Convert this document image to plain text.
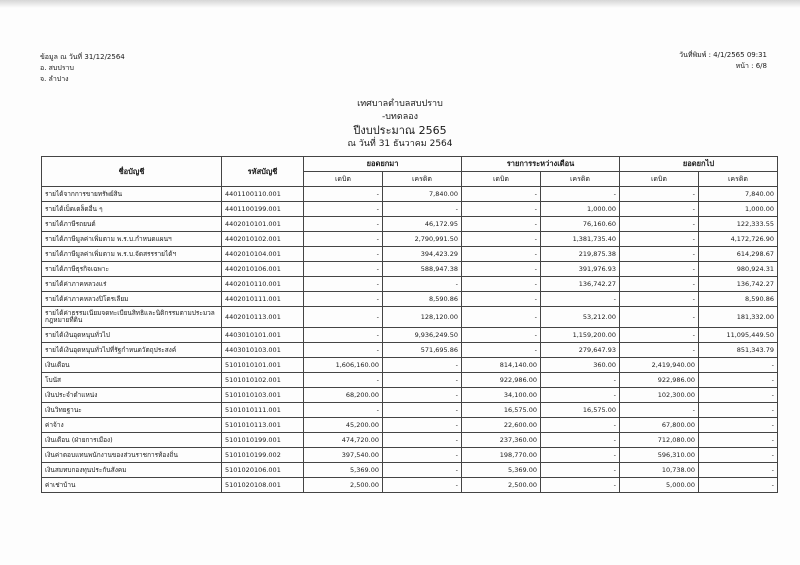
ข้อมูล ณ วันที่ 31/12/2564
อ. สบปราบ
จ. ลำปาง
วันที่พิมพ์ : 4/1/2565 09:31
หน้า : 6/8
เทศบาลตำบลสบปราบ
-บทดลอง
ปีงบประมาณ 2565
ณ วันที่ 31 ธันวาคม 2564
ชื่อบัญชี	รหัสบัญชี	ยอดยกมา		รายการระหว่างเดือน		ยอดยกไป	
		เดบิต	เครดิต	เดบิต	เครดิต	เดบิต	เครดิต
รายได้จากการขายทรัพย์สิน	4401100110.001	-	7,840.00	-	-	-	7,840.00
รายได้เบ็ดเตล็ดอื่น ๆ	4401100199.001	-	-	-	1,000.00	-	1,000.00
รายได้ภาษีรถยนต์	4402010101.001	-	46,172.95	-	76,160.60	-	122,333.55
รายได้ภาษีมูลค่าเพิ่มตาม พ.ร.บ.กำหนดแผนฯ	4402010102.001	-	2,790,991.50	-	1,381,735.40	-	4,172,726.90
รายได้ภาษีมูลค่าเพิ่มตาม พ.ร.บ.จัดสรรรายได้ฯ	4402010104.001	-	394,423.29	-	219,875.38	-	614,298.67
รายได้ภาษีธุรกิจเฉพาะ	4402010106.001	-	588,947.38	-	391,976.93	-	980,924.31
รายได้ค่าภาคหลวงแร่	4402010110.001	-	-	-	136,742.27	-	136,742.27
รายได้ค่าภาคหลวงปิโตรเลียม	4402010111.001	-	8,590.86	-	-	-	8,590.86
รายได้ค่าธรรมเนียมจดทะเบียนสิทธิและนิติกรรมตามประมวลกฎหมายที่ดิน	4402010113.001	-	128,120.00	-	53,212.00	-	181,332.00
รายได้เงินอุดหนุนทั่วไป	4403010101.001	-	9,936,249.50	-	1,159,200.00	-	11,095,449.50
รายได้เงินอุดหนุนทั่วไปที่รัฐกำหนดวัตถุประสงค์	4403010103.001	-	571,695.86	-	279,647.93	-	851,343.79
เงินเดือน	5101010101.001	1,606,160.00	-	814,140.00	360.00	2,419,940.00	-
โบนัส	5101010102.001	-	-	922,986.00	-	922,986.00	-
เงินประจำตำแหน่ง	5101010103.001	68,200.00	-	34,100.00	-	102,300.00	-
เงินวิทยฐานะ	5101010111.001	-	-	16,575.00	16,575.00	-	-
ค่าจ้าง	5101010113.001	45,200.00	-	22,600.00	-	67,800.00	-
เงินเดือน (ฝ่ายการเมือง)	5101010199.001	474,720.00	-	237,360.00	-	712,080.00	-
เงินค่าตอบแทนพนักงานของส่วนราชการท้องถิ่น	5101010199.002	397,540.00	-	198,770.00	-	596,310.00	-
เงินสมทบกองทุนประกันสังคม	5101020106.001	5,369.00	-	5,369.00	-	10,738.00	-
ค่าเช่าบ้าน	5101020108.001	2,500.00	-	2,500.00	-	5,000.00	-
